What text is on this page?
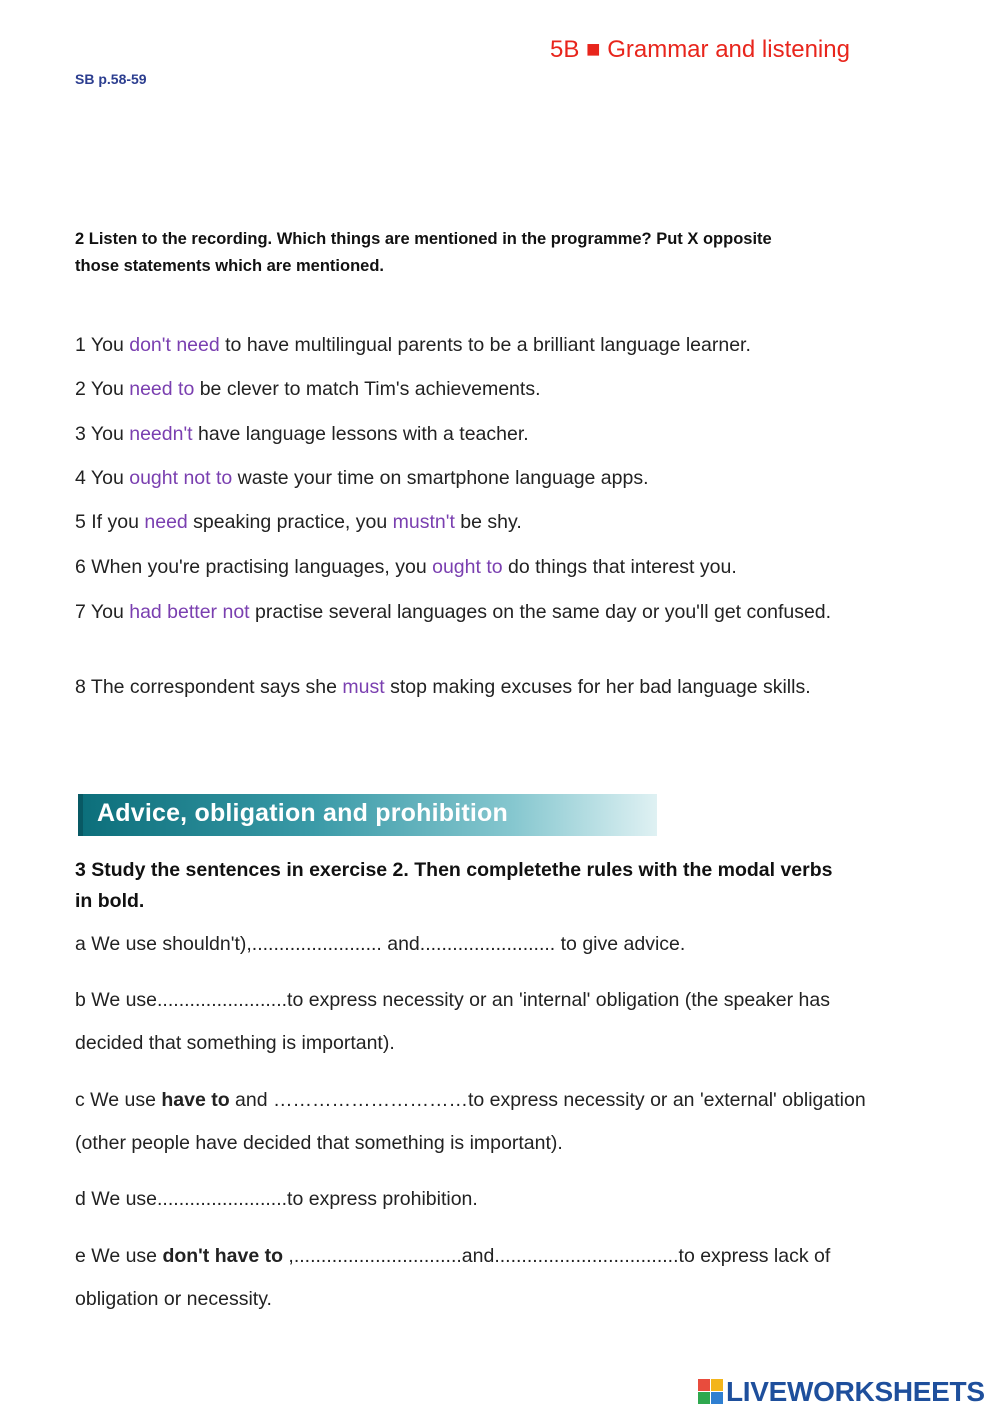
5B ■ Grammar and listening
SB p.58-59
2 Listen to the recording. Which things are mentioned in the programme? Put X opposite
those statements which are mentioned.
1 You don't need to have multilingual parents to be a brilliant language learner.
2 You need to be clever to match Tim's achievements.
3 You needn't have language lessons with a teacher.
4 You ought not to waste your time on smartphone language apps.
5 If you need speaking practice, you mustn't be shy.
6 When you're practising languages, you ought to do things that interest you.
7 You had better not practise several languages on the same day or you'll get confused.
8 The correspondent says she must stop making excuses for her bad language skills.
Advice, obligation and prohibition
3 Study the sentences in exercise 2. Then completethe rules with the modal verbs in bold.
a We use shouldn't),........................ and......................... to give advice.
b We use........................to express necessity or an 'internal' obligation (the speaker has
decided that something is important).
c We use have to and …………………………to express necessity or an 'external' obligation
(other people have decided that something is important).
d We use........................to express prohibition.
e We use don't have to ,...............................and..................................to express lack of
obligation or necessity.
LIVEWORKSHEETS
